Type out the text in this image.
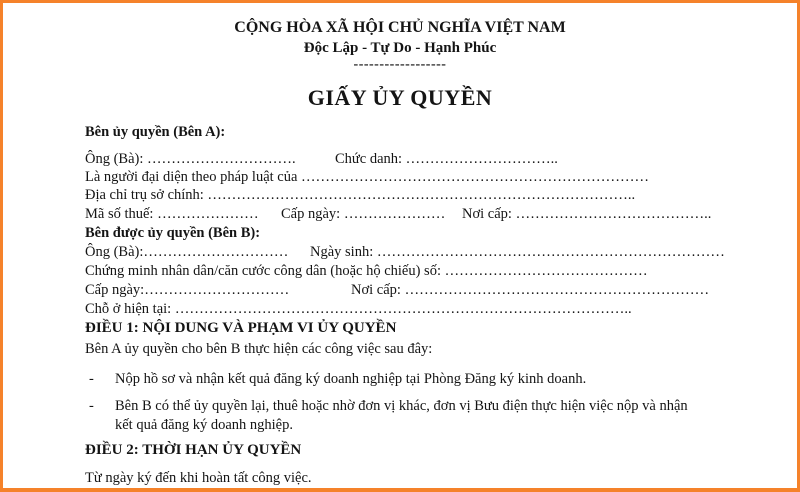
CỘNG HÒA XÃ HỘI CHỦ NGHĨA VIỆT NAM
Độc Lập - Tự Do - Hạnh Phúc
------------------
GIẤY ỦY QUYỀN
Bên ủy quyền (Bên A):
Ông (Bà): ………………………….	Chức danh: …………………………..
Là người đại diện theo pháp luật của ………………………………………………………………
Địa chỉ trụ sở chính: ……………………………………………………………………………..
Mã số thuế: ………………… Cấp ngày: ………………… Nơi cấp: …………………………………..
Bên được ủy quyền (Bên B):
Ông (Bà):………………………… Ngày sinh: ………………………………………………………………
Chứng minh nhân dân/căn cước công dân (hoặc hộ chiếu) số: ……………………………………
Cấp ngày:…………………………	Nơi cấp: ………………………………………………………
Chỗ ở hiện tại: …………………………………………………………………………………..
ĐIỀU 1: NỘI DUNG VÀ PHẠM VI ỦY QUYỀN
Bên A ủy quyền cho bên B thực hiện các công việc sau đây:
- Nộp hồ sơ và nhận kết quả đăng ký doanh nghiệp tại Phòng Đăng ký kinh doanh.
- Bên B có thể ủy quyền lại, thuê hoặc nhờ đơn vị khác, đơn vị Bưu điện thực hiện việc nộp và nhận
kết quả đăng ký doanh nghiệp.
ĐIỀU 2: THỜI HẠN ỦY QUYỀN
Từ ngày ký đến khi hoàn tất công việc.
